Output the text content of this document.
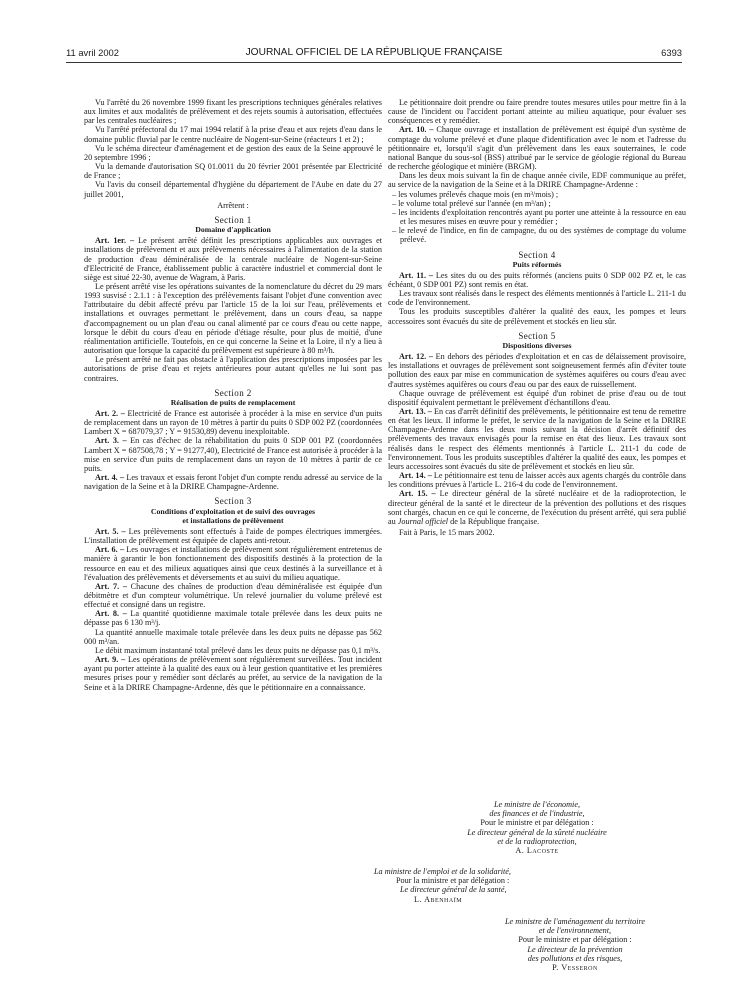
11 avril 2002	JOURNAL OFFICIEL DE LA RÉPUBLIQUE FRANÇAISE	6393

Vu l'arrêté du 26 novembre 1999 fixant les prescriptions techniques générales relatives aux limites et aux modalités de prélèvement et des rejets soumis à autorisation, effectuées par les centrales nucléaires ;

Vu l'arrêté préfectoral du 17 mai 1994 relatif à la prise d'eau et aux rejets d'eau dans le domaine public fluvial par le centre nucléaire de Nogent-sur-Seine (réacteurs 1 et 2) ;

Vu le schéma directeur d'aménagement et de gestion des eaux de la Seine approuvé le 20 septembre 1996 ;

Vu la demande d'autorisation SQ 01.0011 du 20 février 2001 présentée par Electricité de France ;

Vu l'avis du conseil départemental d'hygiène du département de l'Aube en date du 27 juillet 2001,

Arrêtent :
Section 1
Domaine d'application

Art. 1er. – Le présent arrêté définit les prescriptions applicables aux ouvrages et installations de prélèvement et aux prélèvements nécessaires à l'alimentation de la station de production d'eau déminéralisée de la centrale nucléaire de Nogent-sur-Seine d'Electricité de France, établissement public à caractère industriel et commercial dont le siège est situé 22-30, avenue de Wagram, à Paris.

Le présent arrêté vise les opérations suivantes de la nomenclature du décret du 29 mars 1993 susvisé : 2.1.1 : à l'exception des prélèvements faisant l'objet d'une convention avec l'attributaire du débit affecté prévu par l'article 15 de la loi sur l'eau, prélèvements et installations et ouvrages permettant le prélèvement, dans un cours d'eau, sa nappe d'accompagnement ou un plan d'eau ou canal alimenté par ce cours d'eau ou cette nappe, lorsque le débit du cours d'eau en période d'étiage résulte, pour plus de moitié, d'une réalimentation artificielle. Toutefois, en ce qui concerne la Seine et la Loire, il n'y a lieu à autorisation que lorsque la capacité du prélèvement est supérieure à 80 m³/h.

Le présent arrêté ne fait pas obstacle à l'application des prescriptions imposées par les autorisations de prise d'eau et rejets antérieures pour autant qu'elles ne lui sont pas contraires.

Section 2
Réalisation de puits de remplacement

Art. 2. – Electricité de France est autorisée à procéder à la mise en service d'un puits de remplacement dans un rayon de 10 mètres à partir du puits 0 SDP 002 PZ (coordonnées Lambert X = 687079,37 ; Y = 91530,89) devenu inexploitable.

Art. 3. – En cas d'échec de la réhabilitation du puits 0 SDP 001 PZ (coordonnées Lambert X = 687508,78 ; Y = 91277,40), Electricité de France est autorisée à procéder à la mise en service d'un puits de remplacement dans un rayon de 10 mètres à partir de ce puits.

Art. 4. – Les travaux et essais feront l'objet d'un compte rendu adressé au service de la navigation de la Seine et à la DRIRE Champagne-Ardenne.

Section 3
Conditions d'exploitation et de suivi des ouvrages
et installations de prélèvement

Art. 5. – Les prélèvements sont effectués à l'aide de pompes électriques immergées. L'installation de prélèvement est équipée de clapets anti-retour.

Art. 6. – Les ouvrages et installations de prélèvement sont régulièrement entretenus de manière à garantir le bon fonctionnement des dispositifs destinés à la protection de la ressource en eau et des milieux aquatiques ainsi que ceux destinés à la surveillance et à l'évaluation des prélèvements et déversements et au suivi du milieu aquatique.

Art. 7. – Chacune des chaînes de production d'eau déminéralisée est équipée d'un débitmètre et d'un compteur volumétrique. Un relevé journalier du volume prélevé est effectué et consigné dans un registre.

Art. 8. – La quantité quotidienne maximale totale prélevée dans les deux puits ne dépasse pas 6 130 m³/j.

La quantité annuelle maximale totale prélevée dans les deux puits ne dépasse pas 562 000 m³/an.

Le débit maximum instantané total prélevé dans les deux puits ne dépasse pas 0,1 m³/s.

Art. 9. – Les opérations de prélèvement sont régulièrement surveillées. Tout incident ayant pu porter atteinte à la qualité des eaux ou à leur gestion quantitative et les premières mesures prises pour y remédier sont déclarés au préfet, au service de la navigation de la Seine et à la DRIRE Champagne-Ardenne, dès que le pétitionnaire en a connaissance.

Le pétitionnaire doit prendre ou faire prendre toutes mesures utiles pour mettre fin à la cause de l'incident ou l'accident portant atteinte au milieu aquatique, pour évaluer ses conséquences et y remédier.

Art. 10. – Chaque ouvrage et installation de prélèvement est équipé d'un système de comptage du volume prélevé et d'une plaque d'identification avec le nom et l'adresse du pétitionnaire et, lorsqu'il s'agit d'un prélèvement dans les eaux souterraines, le code national Banque du sous-sol (BSS) attribué par le service de géologie régional du Bureau de recherche géologique et minière (BRGM).

Dans les deux mois suivant la fin de chaque année civile, EDF communique au préfet, au service de la navigation de la Seine et à la DRIRE Champagne-Ardenne :

– les volumes prélevés chaque mois (en m³/mois) ;
– le volume total prélevé sur l'année (en m³/an) ;
– les incidents d'exploitation rencontrés ayant pu porter une atteinte à la ressource en eau et les mesures mises en œuvre pour y remédier ;
– le relevé de l'indice, en fin de campagne, du ou des systèmes de comptage du volume prélevé.
Section 4
Puits réformés

Art. 11. – Les sites du ou des puits réformés (anciens puits 0 SDP 002 PZ et, le cas échéant, 0 SDP 001 PZ) sont remis en état.

Les travaux sont réalisés dans le respect des éléments mentionnés à l'article L. 211-1 du code de l'environnement.

Tous les produits susceptibles d'altérer la qualité des eaux, les pompes et leurs accessoires sont évacués du site de prélèvement et stockés en lieu sûr.

Section 5
Dispositions diverses

Art. 12. – En dehors des périodes d'exploitation et en cas de délaissement provisoire, les installations et ouvrages de prélèvement sont soigneusement fermés afin d'éviter toute pollution des eaux par mise en communication de systèmes aquifères ou cours d'eau avec d'autres systèmes aquifères ou cours d'eau ou par des eaux de ruissellement.

Chaque ouvrage de prélèvement est équipé d'un robinet de prise d'eau ou de tout dispositif équivalent permettant le prélèvement d'échantillons d'eau.

Art. 13. – En cas d'arrêt définitif des prélèvements, le pétitionnaire est tenu de remettre en état les lieux. Il informe le préfet, le service de la navigation de la Seine et la DRIRE Champagne-Ardenne dans les deux mois suivant la décision d'arrêt définitif des prélèvements des travaux envisagés pour la remise en état des lieux. Les travaux sont réalisés dans le respect des éléments mentionnés à l'article L. 211-1 du code de l'environnement. Tous les produits susceptibles d'altérer la qualité des eaux, les pompes et leurs accessoires sont évacués du site de prélèvement et stockés en lieu sûr.

Art. 14. – Le pétitionnaire est tenu de laisser accès aux agents chargés du contrôle dans les conditions prévues à l'article L. 216-4 du code de l'environnement.

Art. 15. – Le directeur général de la sûreté nucléaire et de la radioprotection, le directeur général de la santé et le directeur de la prévention des pollutions et des risques sont chargés, chacun en ce qui le concerne, de l'exécution du présent arrêté, qui sera publié au Journal officiel de la République française.

Fait à Paris, le 15 mars 2002.

Le ministre de l'économie,
des finances et de l'industrie,
Pour le ministre et par délégation :
Le directeur général de la sûreté nucléaire
et de la radioprotection,
A. Lacoste
La ministre de l'emploi et de la solidarité,
Pour la ministre et par délégation :
Le directeur général de la santé,
L. Abenhaïm
Le ministre de l'aménagement du territoire
et de l'environnement,
Pour le ministre et par délégation :
Le directeur de la prévention
des pollutions et des risques,
P. Vesseron
